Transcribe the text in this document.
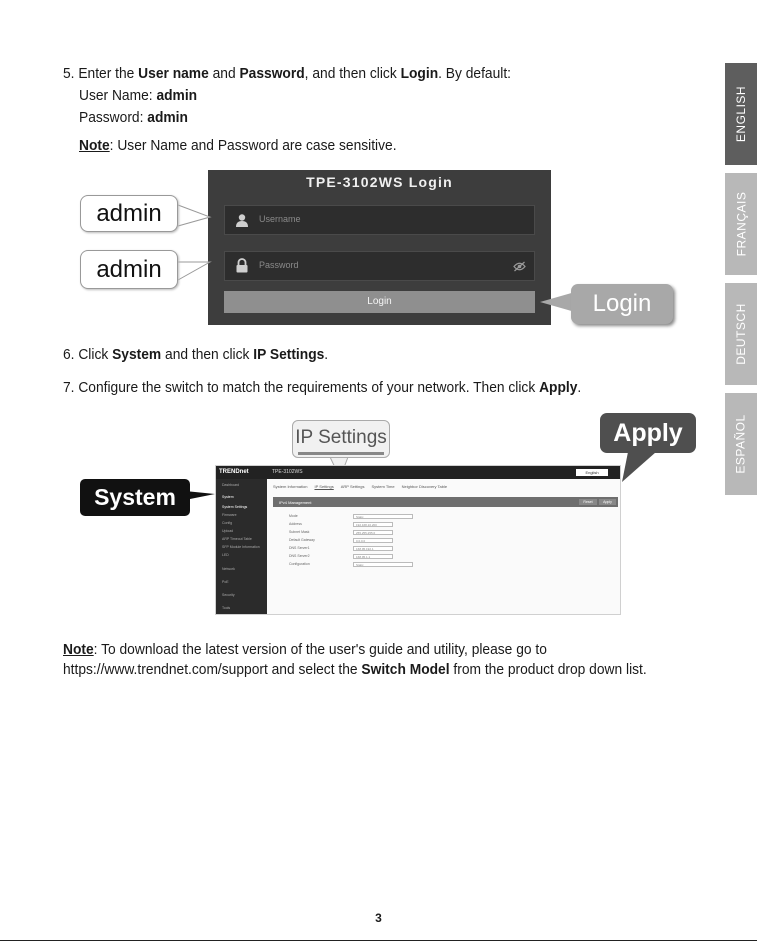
5. Enter the User name and Password, and then click Login. By default:
User Name: admin
Password: admin
Note: User Name and Password are case sensitive.
ENGLISH
FRANÇAIS
DEUTSCH
ESPAÑOL
TPE-3102WS Login
Username
Password
Login
admin
admin
Login
6. Click System and then click IP Settings.
7. Configure the switch to match the requirements of your network. Then click Apply.
TRENDnet	TPE-3102WS	English
Dashboard
System
System Settings
Firmware
Config
Upload
ARP Timeout Table
SFP Module Information
LED
Network
PoE
Security
Tools
System Information IP Settings ARP Settings System Time Neighbor Discovery Table
IPv4 Management	Reset	Apply
Mode	Static
Address	192.168.10.200
Subnet Mask	255.255.255.0
Default Gateway	0.0.0.0
DNS Server1	168.95.192.1
DNS Server2	168.95.1.1
Configuration	Static
System
IP Settings	Apply
Note: To download the latest version of the user's guide and utility, please go to
https://www.trendnet.com/support and select the Switch Model from the product drop down list.
3
